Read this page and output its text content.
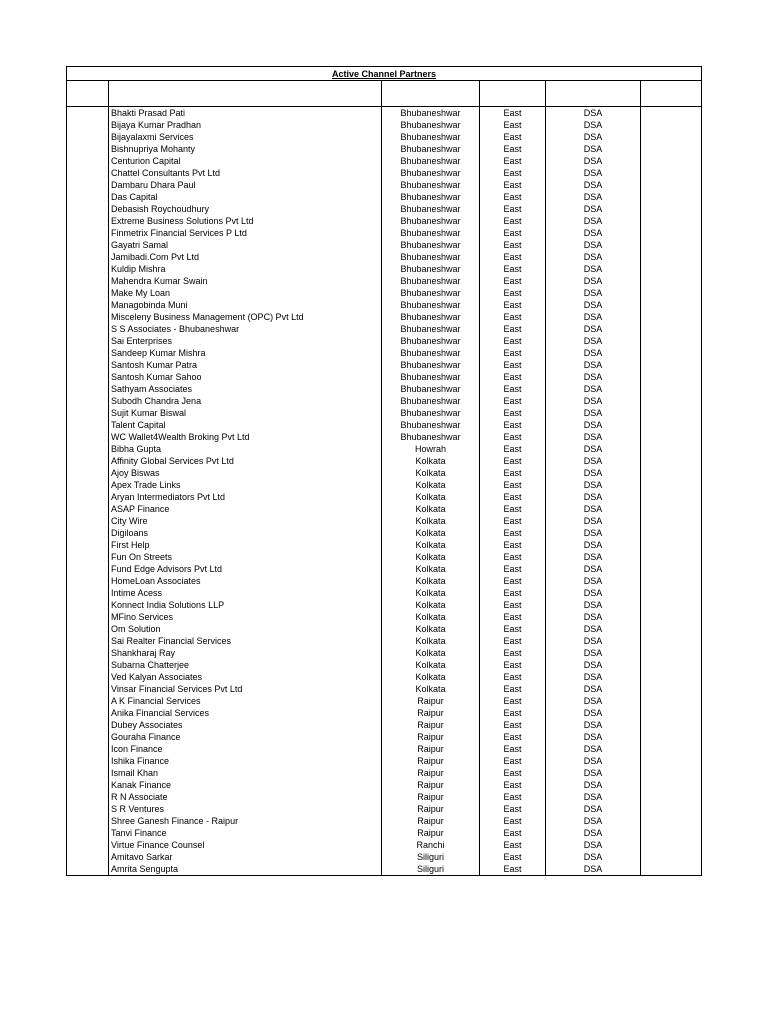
Active Channel Partners					

	Bhakti Prasad Pati	Bhubaneshwar	East	DSA	
	Bijaya Kumar Pradhan	Bhubaneshwar	East	DSA	
	Bijayalaxmi Services	Bhubaneshwar	East	DSA	
	Bishnupriya Mohanty	Bhubaneshwar	East	DSA	
	Centurion Capital	Bhubaneshwar	East	DSA	
	Chattel Consultants Pvt Ltd	Bhubaneshwar	East	DSA	
	Dambaru Dhara Paul	Bhubaneshwar	East	DSA	
	Das Capital	Bhubaneshwar	East	DSA	
	Debasish Roychoudhury	Bhubaneshwar	East	DSA	
	Extreme Business Solutions Pvt Ltd	Bhubaneshwar	East	DSA	
	Finmetrix Financial Services P Ltd	Bhubaneshwar	East	DSA	
	Gayatri Samal	Bhubaneshwar	East	DSA	
	Jamibadi.Com Pvt Ltd	Bhubaneshwar	East	DSA	
	Kuldip Mishra	Bhubaneshwar	East	DSA	
	Mahendra Kumar Swain	Bhubaneshwar	East	DSA	
	Make My Loan	Bhubaneshwar	East	DSA	
	Managobinda Muni	Bhubaneshwar	East	DSA	
	Misceleny Business Management (OPC) Pvt Ltd	Bhubaneshwar	East	DSA	
	S S Associates - Bhubaneshwar	Bhubaneshwar	East	DSA	
	Sai Enterprises	Bhubaneshwar	East	DSA	
	Sandeep Kumar Mishra	Bhubaneshwar	East	DSA	
	Santosh Kumar Patra	Bhubaneshwar	East	DSA	
	Santosh Kumar Sahoo	Bhubaneshwar	East	DSA	
	Sathyam Associates	Bhubaneshwar	East	DSA	
	Subodh Chandra Jena	Bhubaneshwar	East	DSA	
	Sujit Kumar Biswal	Bhubaneshwar	East	DSA	
	Talent Capital	Bhubaneshwar	East	DSA	
	WC Wallet4Wealth Broking Pvt Ltd	Bhubaneshwar	East	DSA	
	Bibha Gupta	Howrah	East	DSA	
	Affinity Global Services Pvt Ltd	Kolkata	East	DSA	
	Ajoy Biswas	Kolkata	East	DSA	
	Apex Trade Links	Kolkata	East	DSA	
	Aryan Intermediators Pvt Ltd	Kolkata	East	DSA	
	ASAP Finance	Kolkata	East	DSA	
	City Wire	Kolkata	East	DSA	
	Digiloans	Kolkata	East	DSA	
	First Help	Kolkata	East	DSA	
	Fun On Streets	Kolkata	East	DSA	
	Fund Edge Advisors Pvt Ltd	Kolkata	East	DSA	
	HomeLoan Associates	Kolkata	East	DSA	
	Intime Acess	Kolkata	East	DSA	
	Konnect India Solutions LLP	Kolkata	East	DSA	
	MFino Services	Kolkata	East	DSA	
	Om Solution	Kolkata	East	DSA	
	Sai Realter Financial Services	Kolkata	East	DSA	
	Shankharaj Ray	Kolkata	East	DSA	
	Subarna Chatterjee	Kolkata	East	DSA	
	Ved Kalyan Associates	Kolkata	East	DSA	
	Vinsar Financial Services Pvt Ltd	Kolkata	East	DSA	
	A K Financial Services	Raipur	East	DSA	
	Anika Financial Services	Raipur	East	DSA	
	Dubey Associates	Raipur	East	DSA	
	Gouraha Finance	Raipur	East	DSA	
	Icon Finance	Raipur	East	DSA	
	Ishika Finance	Raipur	East	DSA	
	Ismail Khan	Raipur	East	DSA	
	Kanak Finance	Raipur	East	DSA	
	R N Associate	Raipur	East	DSA	
	S R Ventures	Raipur	East	DSA	
	Shree Ganesh Finance - Raipur	Raipur	East	DSA	
	Tanvi Finance	Raipur	East	DSA	
	Virtue Finance Counsel	Ranchi	East	DSA	
	Amitavo Sarkar	Siliguri	East	DSA	
	Amrita Sengupta	Siliguri	East	DSA	
